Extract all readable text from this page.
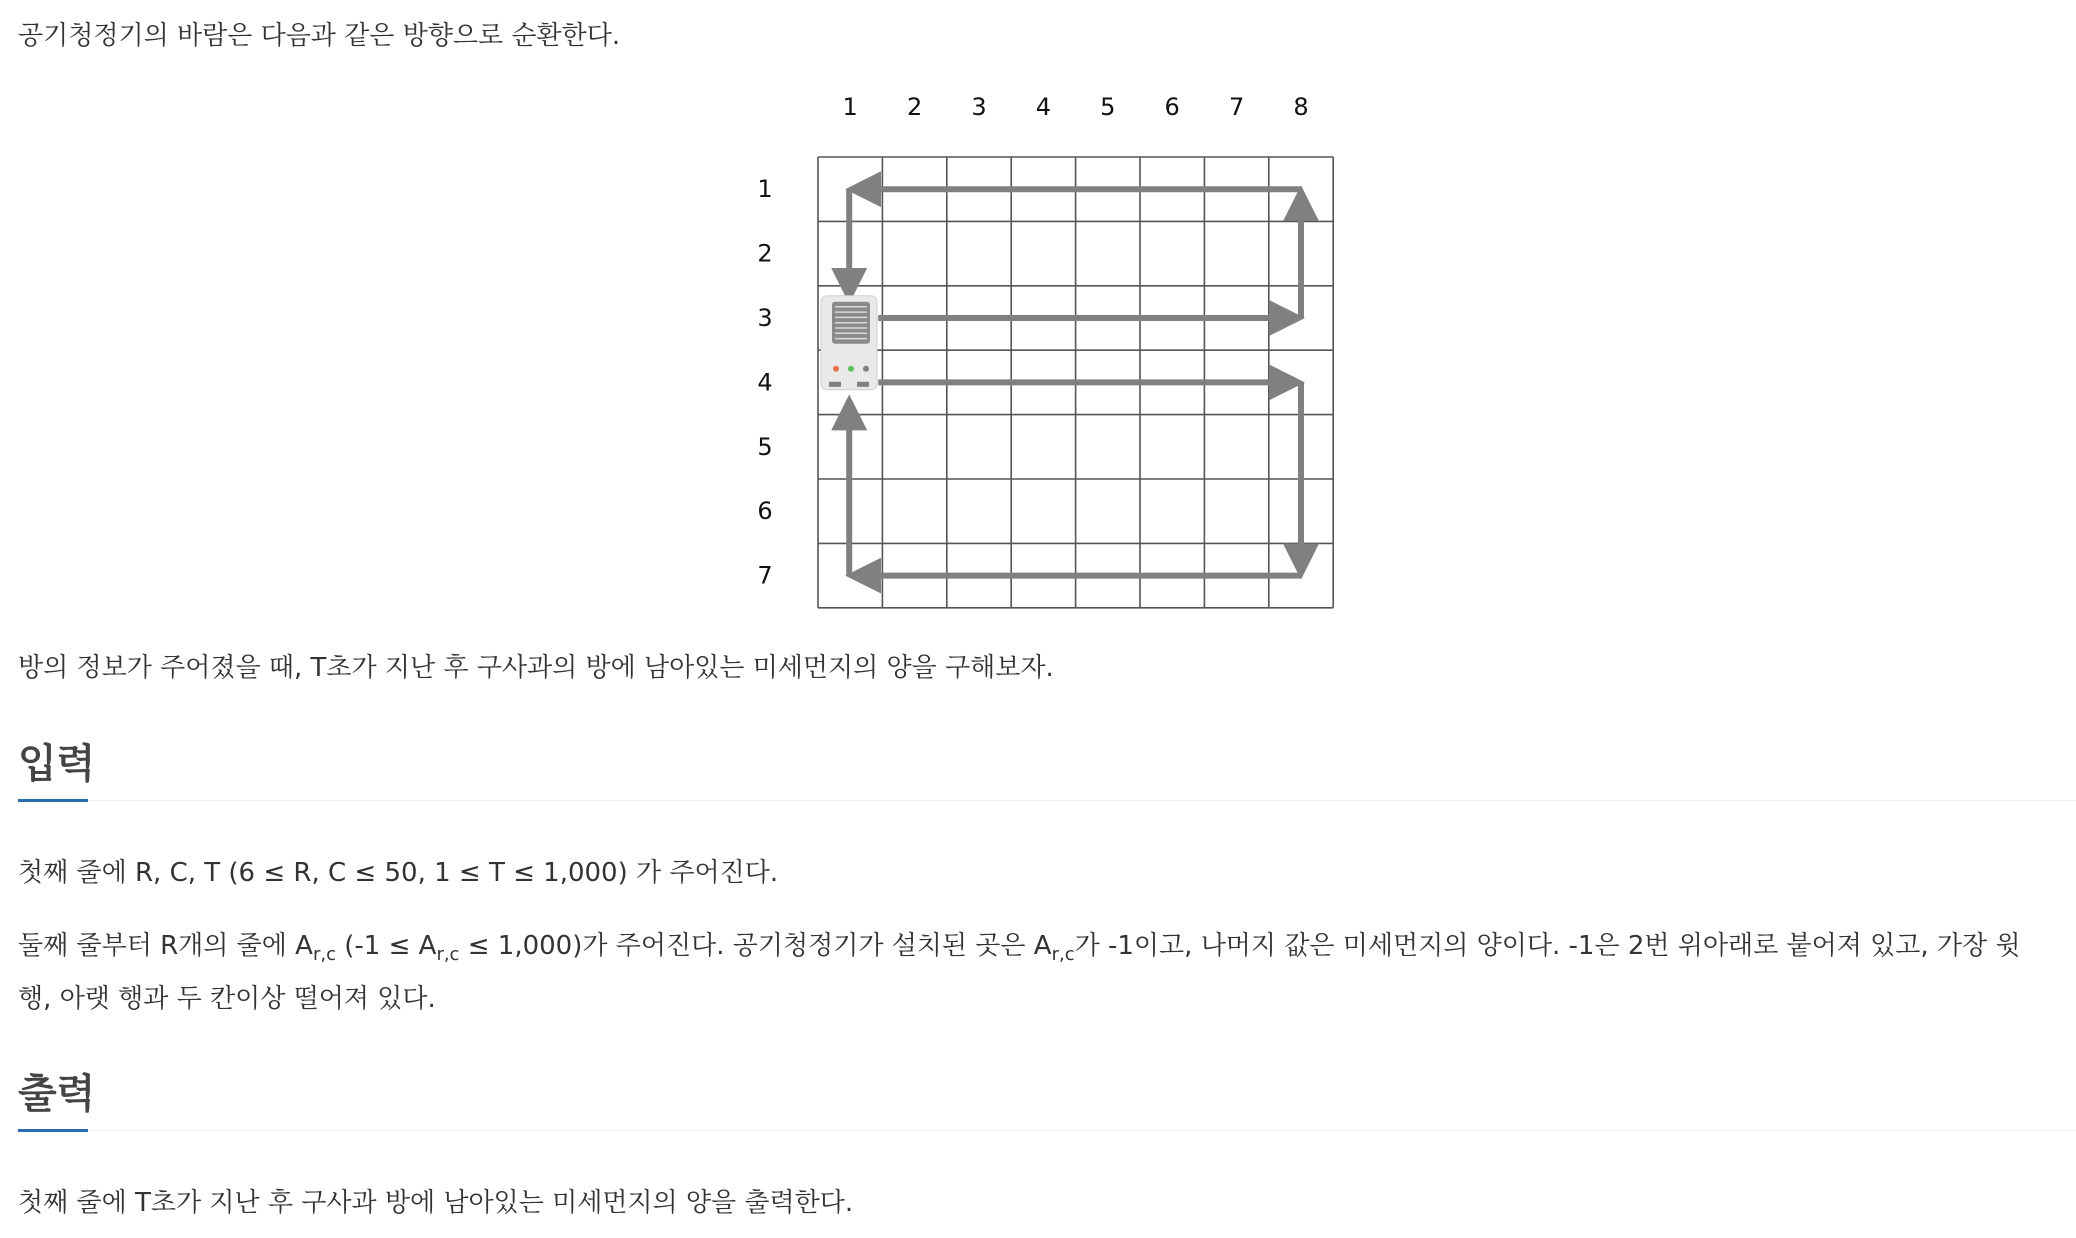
공기청정기의 바람은 다음과 같은 방향으로 순환한다.

1 2 3 4 5 6 7 8
1
2
3
4
5
6
7

방의 정보가 주어졌을 때, T초가 지난 후 구사과의 방에 남아있는 미세먼지의 양을 구해보자.

입력

첫째 줄에 R, C, T (6 ≤ R, C ≤ 50, 1 ≤ T ≤ 1,000) 가 주어진다.

둘째 줄부터 R개의 줄에 $A_{r,c}$ $(-1 \le A_{r,c} \le 1,000)$가 주어진다. 공기청정기가 설치된 곳은 $A_{r,c}$가 -1이고, 나머지 값은 미세먼지의 양이다. -1은 2번 위아래로 붙어져 있고, 가장 윗 행, 아랫 행과 두 칸이상 떨어져 있다.

출력

첫째 줄에 T초가 지난 후 구사과 방에 남아있는 미세먼지의 양을 출력한다.
